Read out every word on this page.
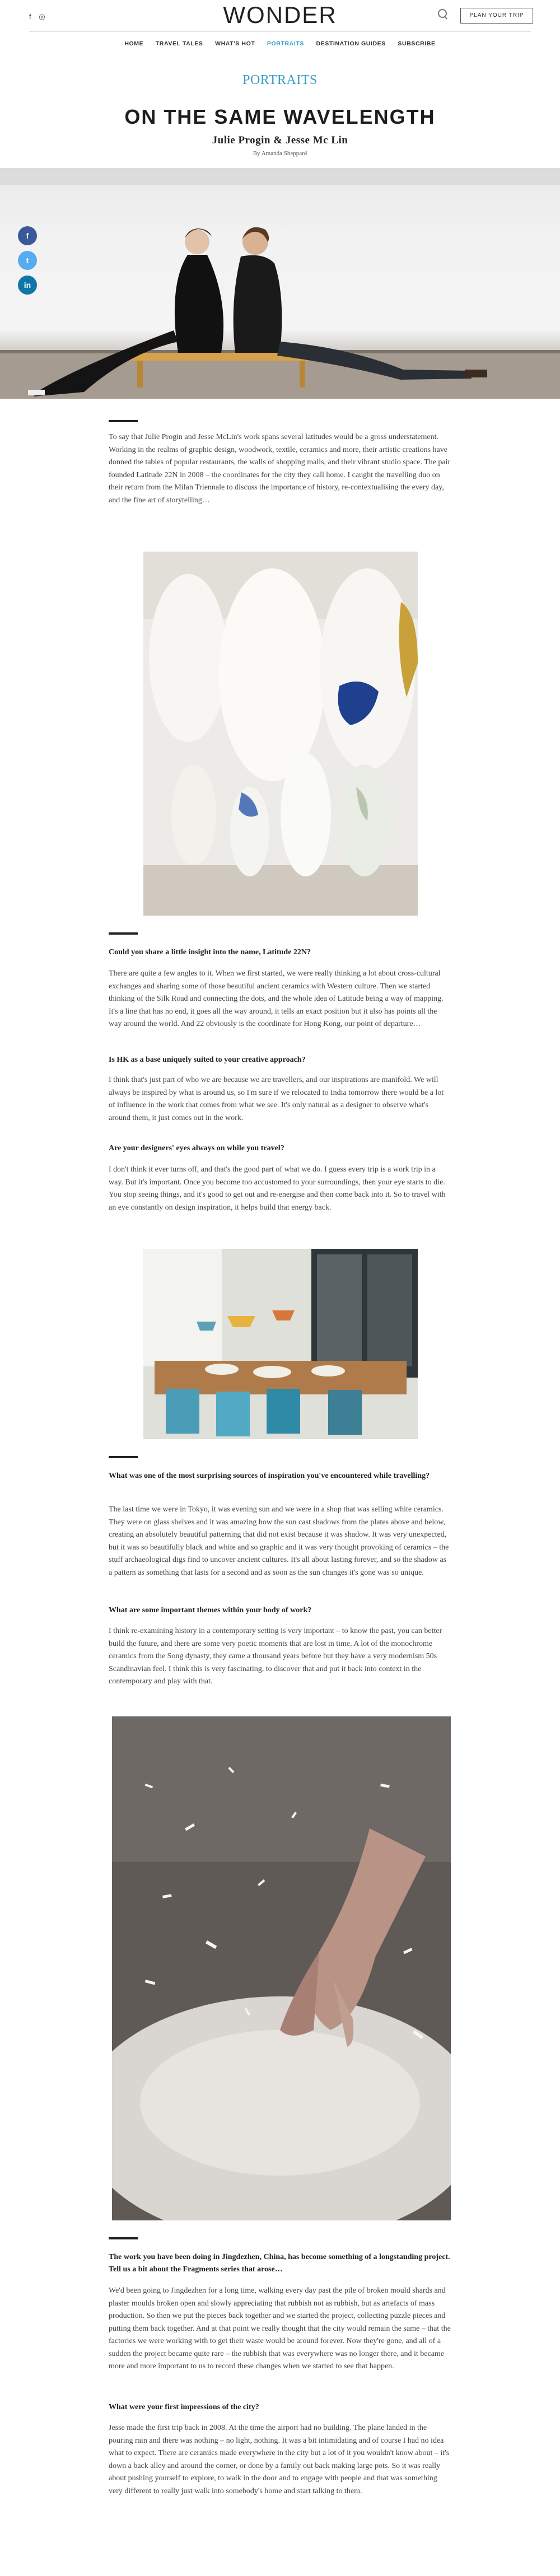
f ◎	WONDER	PLAN YOUR TRIP
HOME TRAVEL TALES WHAT'S HOT PORTRAITS DESTINATION GUIDES SUBSCRIBE
PORTRAITS
ON THE SAME WAVELENGTH
Julie Progin & Jesse Mc Lin
By Amanda Sheppard
f
t
in

To say that Julie Progin and Jesse McLin's work spans several latitudes would be a gross understatement. Working in the realms of graphic design, woodwork, textile, ceramics and more, their artistic creations have donned the tables of popular restaurants, the walls of shopping malls, and their vibrant studio space. The pair founded Latitude 22N in 2008 – the coordinates for the city they call home. I caught the travelling duo on their return from the Milan Triennale to discuss the importance of history, re-contextualising the every day, and the fine art of storytelling…

Could you share a little insight into the name, Latitude 22N?

There are quite a few angles to it. When we first started, we were really thinking a lot about cross-cultural exchanges and sharing some of those beautiful ancient ceramics with Western culture. Then we started thinking of the Silk Road and connecting the dots, and the whole idea of Latitude being a way of mapping. It's a line that has no end, it goes all the way around, it tells an exact position but it also has points all the way around the world. And 22 obviously is the coordinate for Hong Kong, our point of departure…

Is HK as a base uniquely suited to your creative approach?

I think that's just part of who we are because we are travellers, and our inspirations are manifold. We will always be inspired by what is around us, so I'm sure if we relocated to India tomorrow there would be a lot of influence in the work that comes from what we see. It's only natural as a designer to observe what's around them, it just comes out in the work.

Are your designers' eyes always on while you travel?

I don't think it ever turns off, and that's the good part of what we do. I guess every trip is a work trip in a way. But it's important. Once you become too accustomed to your surroundings, then your eye starts to die. You stop seeing things, and it's good to get out and re-energise and then come back into it. So to travel with an eye constantly on design inspiration, it helps build that energy back.

What was one of the most surprising sources of inspiration you've encountered while travelling?

The last time we were in Tokyo, it was evening sun and we were in a shop that was selling white ceramics. They were on glass shelves and it was amazing how the sun cast shadows from the plates above and below, creating an absolutely beautiful patterning that did not exist because it was shadow. It was very unexpected, but it was so beautifully black and white and so graphic and it was very thought provoking of ceramics – the stuff archaeological digs find to uncover ancient cultures. It's all about lasting forever, and so the shadow as a pattern as something that lasts for a second and as soon as the sun changes it's gone was so unique.

What are some important themes within your body of work?

I think re-examining history in a contemporary setting is very important – to know the past, you can better build the future, and there are some very poetic moments that are lost in time. A lot of the monochrome ceramics from the Song dynasty, they came a thousand years before but they have a very modernism 50s Scandinavian feel. I think this is very fascinating, to discover that and put it back into context in the contemporary and play with that.

The work you have been doing in Jingdezhen, China, has become something of a longstanding project. Tell us a bit about the Fragments series that arose…

We'd been going to Jingdezhen for a long time, walking every day past the pile of broken mould shards and plaster moulds broken open and slowly appreciating that rubbish not as rubbish, but as artefacts of mass production. So then we put the pieces back together and we started the project, collecting puzzle pieces and putting them back together. And at that point we really thought that the city would remain the same – that the factories we were working with to get their waste would be around forever. Now they're gone, and all of a sudden the project became quite rare – the rubbish that was everywhere was no longer there, and it became more and more important to us to record these changes when we started to see that happen.

What were your first impressions of the city?

Jesse made the first trip back in 2008. At the time the airport had no building. The plane landed in the pouring rain and there was nothing – no light, nothing. It was a bit intimidating and of course I had no idea what to expect. There are ceramics made everywhere in the city but a lot of it you wouldn't know about – it's down a back alley and around the corner, or done by a family out back making large pots. So it was really about pushing yourself to explore, to walk in the door and to engage with people and that was something very different to really just walk into somebody's home and start talking to them.
